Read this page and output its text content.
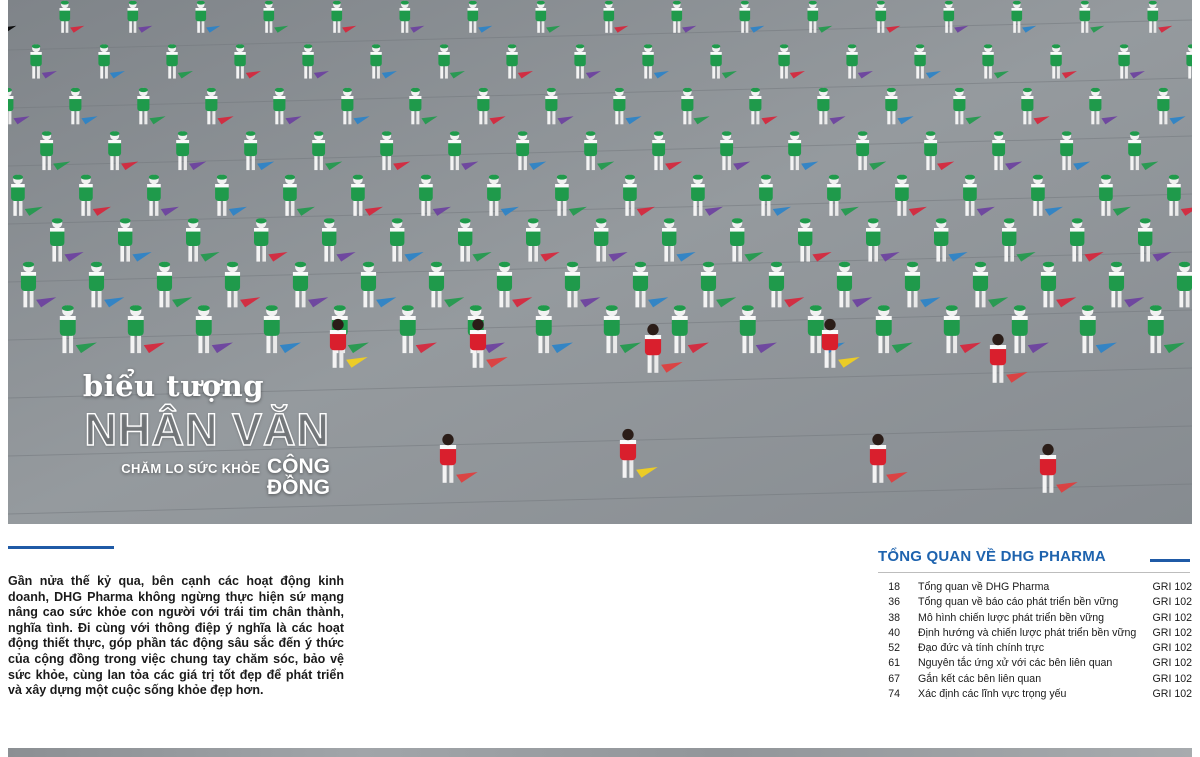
biểu tượng
NHÂN VĂN
CHĂM LO SỨC KHỎE CỘNG ĐỒNG

Gần nửa thế kỷ qua, bên cạnh các hoạt động kinh doanh, DHG Pharma không ngừng thực hiện sứ mạng nâng cao sức khỏe con người với trái tim chân thành, nghĩa tình. Đi cùng với thông điệp ý nghĩa là các hoạt động thiết thực, góp phần tác động sâu sắc đến ý thức của cộng đồng trong việc chung tay chăm sóc, bảo vệ sức khỏe, cùng lan tỏa các giá trị tốt đẹp để phát triển và xây dựng một cuộc sống khỏe đẹp hơn.

TỔNG QUAN VỀ DHG PHARMA
18 Tổng quan về DHG Pharma	GRI 102
36 Tổng quan về báo cáo phát triển bền vững	GRI 102
38 Mô hình chiến lược phát triển bền vững	GRI 102
40 Định hướng và chiến lược phát triển bền vững	GRI 102
52 Đạo đức và tính chính trực	GRI 102
61 Nguyên tắc ứng xử với các bên liên quan	GRI 102
67 Gắn kết các bên liên quan	GRI 102
74 Xác định các lĩnh vực trọng yếu	GRI 102
